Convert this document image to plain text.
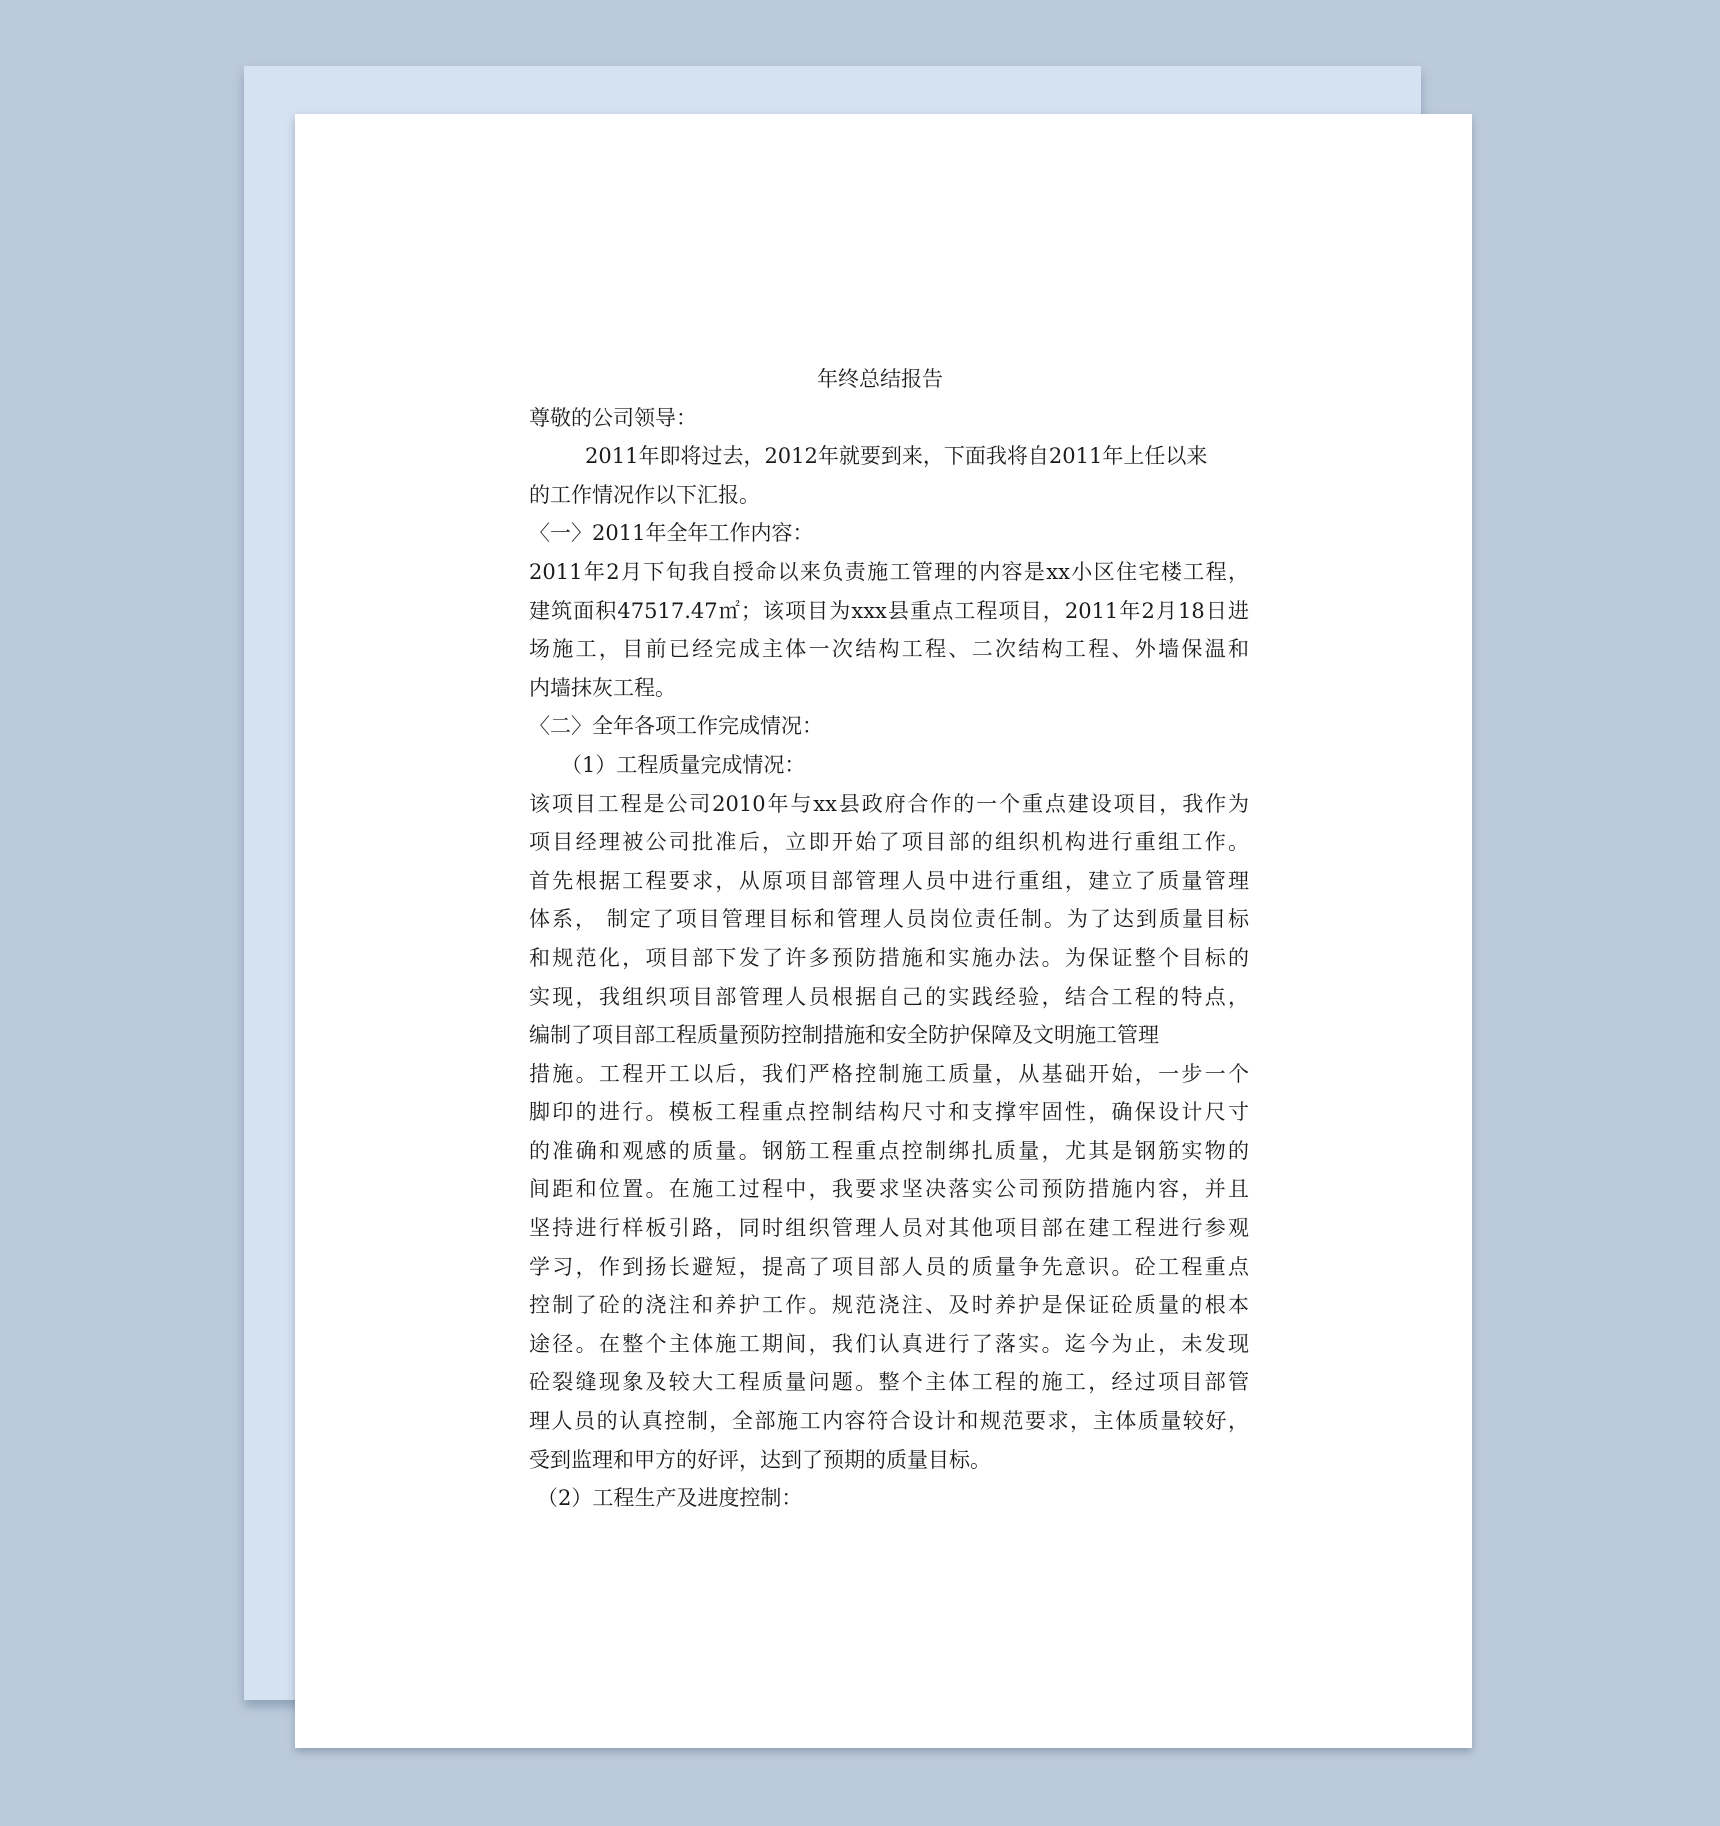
年终总结报告

尊敬的公司领导：

2011年即将过去，2012年就要到来，下面我将自2011年上任以来

的工作情况作以下汇报。

〈一〉2011年全年工作内容：

2011年2月下旬我自授命以来负责施工管理的内容是xx小区住宅楼工程，

建筑面积47517.47㎡；该项目为xxx县重点工程项目，2011年2月18日进

场施工，目前已经完成主体一次结构工程、二次结构工程、外墙保温和

内墙抹灰工程。

〈二〉全年各项工作完成情况：

（1）工程质量完成情况：

该项目工程是公司2010年与xx县政府合作的一个重点建设项目，我作为

项目经理被公司批准后，立即开始了项目部的组织机构进行重组工作。

首先根据工程要求，从原项目部管理人员中进行重组，建立了质量管理

体系， 制定了项目管理目标和管理人员岗位责任制。为了达到质量目标

和规范化，项目部下发了许多预防措施和实施办法。为保证整个目标的

实现，我组织项目部管理人员根据自己的实践经验，结合工程的特点，

编制了项目部工程质量预防控制措施和安全防护保障及文明施工管理

措施。工程开工以后，我们严格控制施工质量，从基础开始，一步一个

脚印的进行。模板工程重点控制结构尺寸和支撑牢固性，确保设计尺寸

的准确和观感的质量。钢筋工程重点控制绑扎质量，尤其是钢筋实物的

间距和位置。在施工过程中，我要求坚决落实公司预防措施内容，并且

坚持进行样板引路，同时组织管理人员对其他项目部在建工程进行参观

学习，作到扬长避短，提高了项目部人员的质量争先意识。砼工程重点

控制了砼的浇注和养护工作。规范浇注、及时养护是保证砼质量的根本

途径。在整个主体施工期间，我们认真进行了落实。迄今为止，未发现

砼裂缝现象及较大工程质量问题。整个主体工程的施工，经过项目部管

理人员的认真控制，全部施工内容符合设计和规范要求，主体质量较好，

受到监理和甲方的好评，达到了预期的质量目标。

（2）工程生产及进度控制：
